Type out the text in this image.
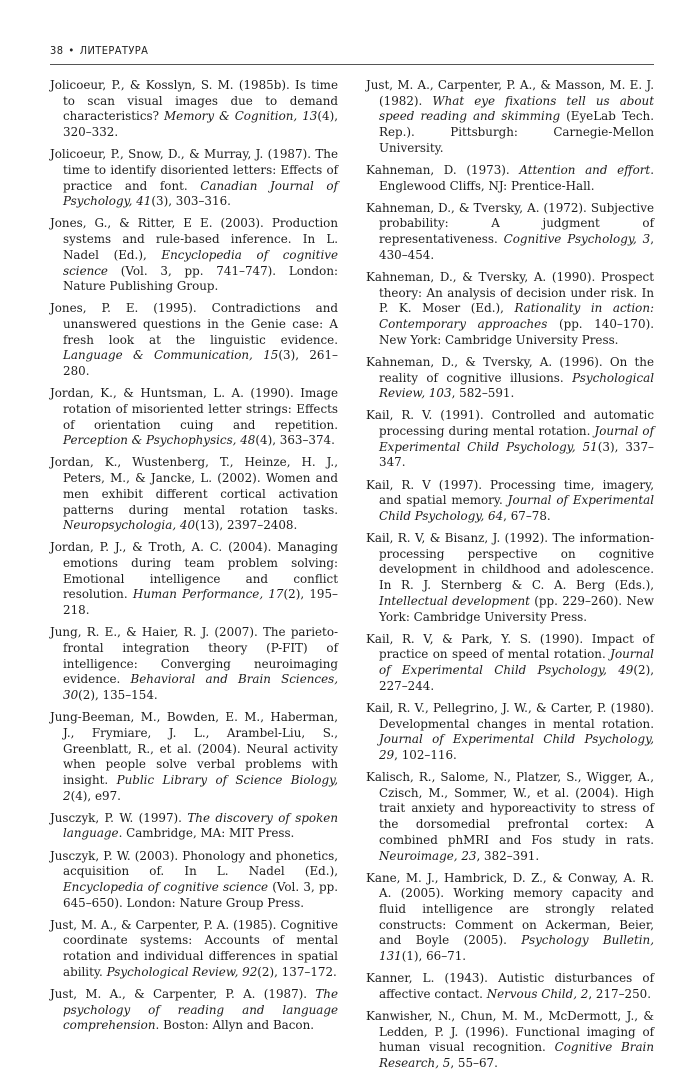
38 • ЛИТЕРАТУРА

Jolicoeur, P., & Kosslyn, S. M. (1985b). Is time to scan visual images due to demand characteristics? Memory & Cognition, 13(4), 320–332.

Jolicoeur, P., Snow, D., & Murray, J. (1987). The time to identify disoriented letters: Effects of practice and font. Canadian Journal of Psychology, 41(3), 303–316.

Jones, G., & Ritter, E E. (2003). Production systems and rule-based inference. In L. Nadel (Ed.), Encyclopedia of cognitive science (Vol. 3, pp. 741–747). London: Nature Publishing Group.

Jones, P. E. (1995). Contradictions and unanswered questions in the Genie case: A fresh look at the linguistic evidence. Language & Communication, 15(3), 261–280.

Jordan, K., & Huntsman, L. A. (1990). Image rotation of misoriented letter strings: Effects of orientation cuing and repetition. Perception & Psychophysics, 48(4), 363–374.

Jordan, K., Wustenberg, T., Heinze, H. J., Peters, M., & Jancke, L. (2002). Women and men exhibit different cortical activation patterns during mental rotation tasks. Neuropsychologia, 40(13), 2397–2408.

Jordan, P. J., & Troth, A. C. (2004). Managing emotions during team problem solving: Emotional intelligence and conflict resolution. Human Performance, 17(2), 195–218.

Jung, R. E., & Haier, R. J. (2007). The parieto-frontal integration theory (P-FIT) of intelligence: Converging neuroimaging evidence. Behavioral and Brain Sciences, 30(2), 135–154.

Jung-Beeman, M., Bowden, E. M., Haberman, J., Frymiare, J. L., Arambel-Liu, S., Greenblatt, R., et al. (2004). Neural activity when people solve verbal problems with insight. Public Library of Science Biology, 2(4), e97.

Jusczyk, P. W. (1997). The discovery of spoken language. Cambridge, MA: MIT Press.

Jusczyk, P. W. (2003). Phonology and phonetics, acquisition of. In L. Nadel (Ed.), Encyclopedia of cognitive science (Vol. 3, pp. 645–650). London: Nature Group Press.

Just, M. A., & Carpenter, P. A. (1985). Cognitive coordinate systems: Accounts of mental rotation and individual differences in spatial ability. Psychological Review, 92(2), 137–172.

Just, M. A., & Carpenter, P. A. (1987). The psychology of reading and language comprehension. Boston: Allyn and Bacon.

Just, M. A., Carpenter, P. A., & Masson, M. E. J. (1982). What eye fixations tell us about speed reading and skimming (EyeLab Tech. Rep.). Pittsburgh: Carnegie-Mellon University.

Kahneman, D. (1973). Attention and effort. Englewood Cliffs, NJ: Prentice-Hall.

Kahneman, D., & Tversky, A. (1972). Subjective probability: A judgment of representativeness. Cognitive Psychology, 3, 430–454.

Kahneman, D., & Tversky, A. (1990). Prospect theory: An analysis of decision under risk. In P. K. Moser (Ed.), Rationality in action: Contemporary approaches (pp. 140–170). New York: Cambridge University Press.

Kahneman, D., & Tversky, A. (1996). On the reality of cognitive illusions. Psychological Review, 103, 582–591.

Kail, R. V. (1991). Controlled and automatic processing during mental rotation. Journal of Experimental Child Psychology, 51(3), 337–347.

Kail, R. V (1997). Processing time, imagery, and spatial memory. Journal of Experimental Child Psychology, 64, 67–78.

Kail, R. V, & Bisanz, J. (1992). The information-processing perspective on cognitive development in childhood and adolescence. In R. J. Sternberg & C. A. Berg (Eds.), Intellectual development (pp. 229–260). New York: Cambridge University Press.

Kail, R. V, & Park, Y. S. (1990). Impact of practice on speed of mental rotation. Journal of Experimental Child Psychology, 49(2), 227–244.

Kail, R. V., Pellegrino, J. W., & Carter, P. (1980). Developmental changes in mental rotation. Journal of Experimental Child Psychology, 29, 102–116.

Kalisch, R., Salome, N., Platzer, S., Wigger, A., Czisch, M., Sommer, W., et al. (2004). High trait anxiety and hyporeactivity to stress of the dorsomedial prefrontal cortex: A combined phMRI and Fos study in rats. Neuroimage, 23, 382–391.

Kane, M. J., Hambrick, D. Z., & Conway, A. R. A. (2005). Working memory capacity and fluid intelligence are strongly related constructs: Comment on Ackerman, Beier, and Boyle (2005). Psychology Bulletin, 131(1), 66–71.

Kanner, L. (1943). Autistic disturbances of affective contact. Nervous Child, 2, 217–250.

Kanwisher, N., Chun, M. M., McDermott, J., & Ledden, P. J. (1996). Functional imaging of human visual recognition. Cognitive Brain Research, 5, 55–67.
